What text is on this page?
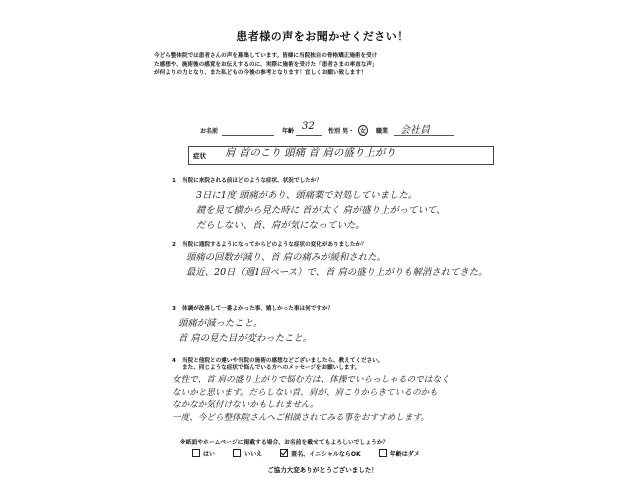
患者様の声をお聞かせください！

今どら整体院では患者さんの声を募集しています。皆様に当院独自の骨格矯正施術を受け

た感想や、施術後の感覚をお伝えするのに、実際に施術を受けた「患者さまの率直な声」

が何よりの力となり、また私どもの今後の参考となります！宜しくお願い致します！

お名前	年齢 32 性別 男・ 女	職業 会社員
症状 肩 首のこり 頭痛 首 肩の盛り上がり
1 当院に来院される前はどのような症状、状況でしたか？

3日に1度 頭痛があり、頭痛薬で対処していました。

鏡を見て横から見た時に 首が太く 肩が盛り上がっていて、

だらしない、首、肩が気になっていた。

2 当院に通院するようになってからどのような症状の変化がありましたか？

頭痛の回数が減り、首 肩の痛みが緩和された。

最近、20日（週1回ペース）で、首 肩の盛り上がりも解消されてきた。

3 体調が改善して一番よかった事、嬉しかった事は何ですか？

頭痛が減ったこと。

首 肩の見た目が変わったこと。

4 当院と他院との違いや当院の施術の感想などございましたら、教えてください。
また、同じような症状で悩んでいる方へのメッセージをお願いします。

女性で、首 肩の盛り上がりで悩む方は、体操でいらっしゃるのではなく

ないかと思います。だらしない首、肩が、肩こりからきているのかも

なかなか気付けないかもしれません。

一度、今どら整体院さんへご相談されてみる事をおすすめします。

※紙面やホームページに掲載する場合、お名前を載せてもよろしいでしょうか？
はい	いいえ	匿名、イニシャルならOK	年齢はダメ
ご協力大変ありがとうございました！
